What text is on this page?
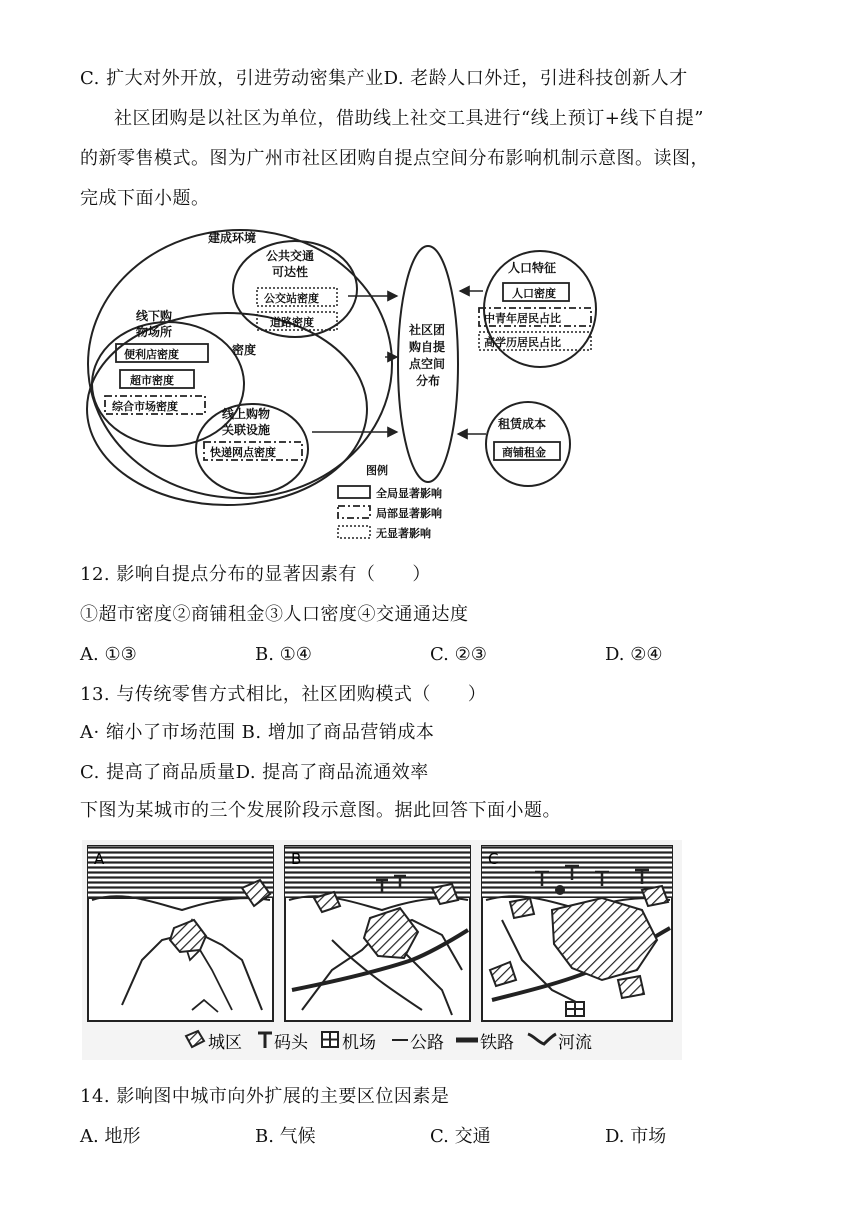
C. 扩大对外开放，引进劳动密集产业D. 老龄人口外迁，引进科技创新人才
社区团购是以社区为单位，借助线上社交工具进行“线上预订+线下自提”
的新零售模式。图为广州市社区团购自提点空间分布影响机制示意图。读图，
完成下面小题。
建成环境
公共交通
可达性
公交站密度
道路密度
线下购
物场所
便利店密度
超市密度
综合市场密度
密度
线上购物
关联设施
快递网点密度
社区团
购自提
点空间
分布
人口特征
人口密度
中青年居民占比
高学历居民占比
租赁成本
商铺租金
图例
全局显著影响
局部显著影响
无显著影响
12. 影响自提点分布的显著因素有（　　）
①超市密度②商铺租金③人口密度④交通通达度
A. ①③	B. ①④	C. ②③	D. ②④
13. 与传统零售方式相比，社区团购模式（　　）
A· 缩小了市场范围 B. 增加了商品营销成本
C. 提高了商品质量D. 提高了商品流通效率
下图为某城市的三个发展阶段示意图。据此回答下面小题。
A	B	C
城区 码头 机场 公路 铁路	河流
14. 影响图中城市向外扩展的主要区位因素是
A. 地形	B. 气候	C. 交通	D. 市场
